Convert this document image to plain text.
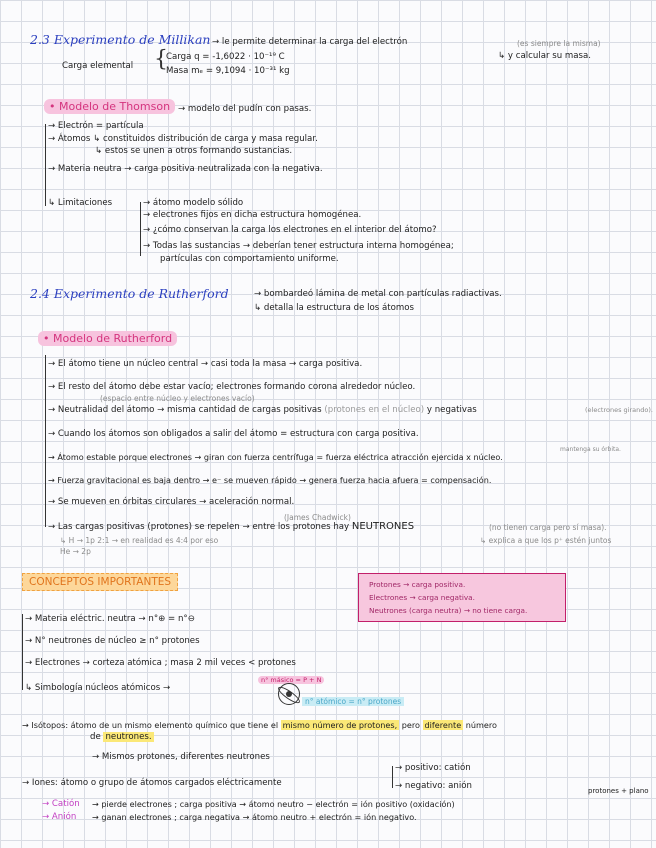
2.3 Experimento de Millikan → le permite determinar la carga del electrón	(es siempre la misma)
↳ y calcular su masa.
Carga elemental {
Carga q = -1,6022 · 10⁻¹⁹ C
Masa mₑ = 9,1094 · 10⁻³¹ kg
• Modelo de Thomson → modelo del pudín con pasas.
→ Electrón = partícula
→ Átomos ↳ constituidos distribución de carga y masa regular.
↳ estos se unen a otros formando sustancias.
→ Materia neutra → carga positiva neutralizada con la negativa.
↳ Limitaciones	→ átomo modelo sólido
→ electrones fijos en dicha estructura homogénea.
→ ¿cómo conservan la carga los electrones en el interior del átomo?
→ Todas las sustancias → deberían tener estructura interna homogénea;
partículas con comportamiento uniforme.
2.4 Experimento de Rutherford	→ bombardeó lámina de metal con partículas radiactivas.
↳ detalla la estructura de los átomos
• Modelo de Rutherford
→ El átomo tiene un núcleo central → casi toda la masa → carga positiva.
→ El resto del átomo debe estar vacío; electrones formando corona alrededor núcleo.
(espacio entre núcleo y electrones vacío)
→ Neutralidad del átomo → misma cantidad de cargas positivas (protones en el núcleo) y negativas	(electrones girando).
→ Cuando los átomos son obligados a salir del átomo = estructura con carga positiva.
mantenga su órbita.
→ Átomo estable porque electrones → giran con fuerza centrífuga = fuerza eléctrica atracción ejercida x núcleo.
→ Fuerza gravitacional es baja dentro → e⁻ se mueven rápido → genera fuerza hacia afuera = compensación.
→ Se mueven en órbitas circulares → aceleración normal.
(James Chadwick)
→ Las cargas positivas (protones) se repelen → entre los protones hay NEUTRONES	(no tienen carga pero sí masa).
↳ explica a que los p⁺ estén juntos
↳ H → 1p 2:1 → en realidad es 4:4 por eso
He → 2p
CONCEPTOS IMPORTANTES	Protones → carga positiva.
Electrones → carga negativa.
Neutrones (carga neutra) → no tiene carga.
→ Materia eléctric. neutra → n°⊕ = n°⊖
→ N° neutrones de núcleo ≥ n° protones
→ Electrones → corteza atómica ; masa 2 mil veces < protones
↳ Simbología núcleos atómicos →
n° másico = P + N
n° atómico = n° protones
→ Isótopos: átomo de un mismo elemento químico que tiene el mismo número de protones, pero diferente número
de neutrones.
→ Mismos protones, diferentes neutrones
→ Iones: átomo o grupo de átomos cargados eléctricamente
→ positivo: catión
→ negativo: anión	protones + plano
→ Catión → pierde electrones ; carga positiva → átomo neutro − electrón = ión positivo (oxidación)
→ Anión → ganan electrones ; carga negativa → átomo neutro + electrón = ión negativo.
